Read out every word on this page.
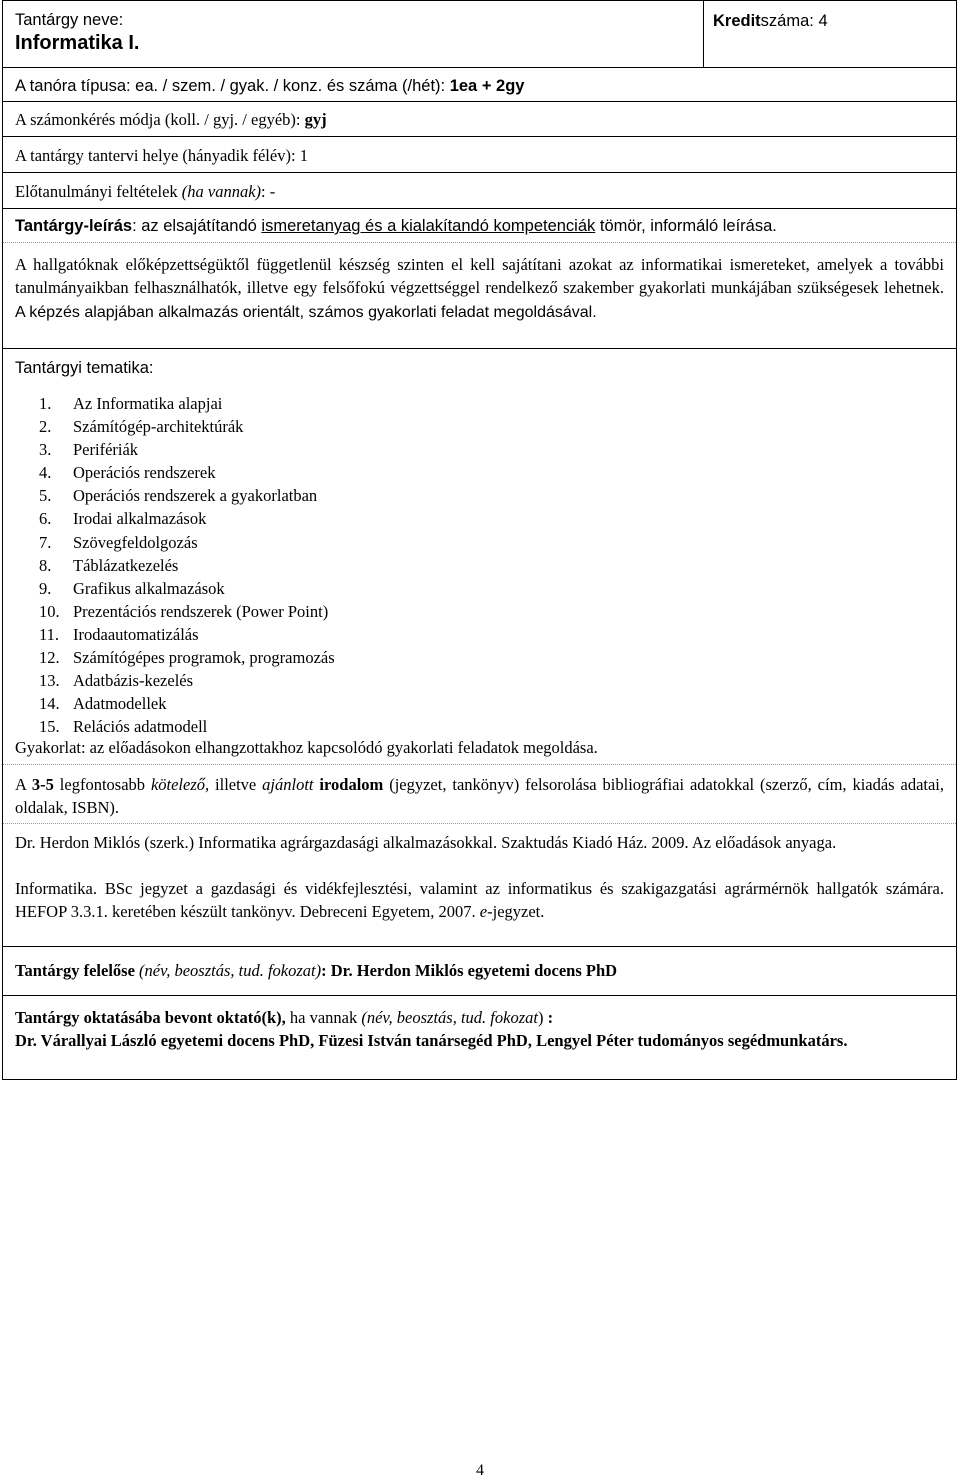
Tantárgy neve:
Informatika I.
Kreditszáma: 4
A tanóra típusa: ea. / szem. / gyak. / konz. és száma (/hét): 1ea + 2gy
A számonkérés módja (koll. / gyj. / egyéb): gyj
A tantárgy tantervi helye (hányadik félév): 1
Előtanulmányi feltételek (ha vannak): -
Tantárgy-leírás: az elsajátítandó ismeretanyag és a kialakítandó kompetenciák tömör, informáló leírása.
A hallgatóknak előképzettségüktől függetlenül készség szinten el kell sajátítani azokat az informatikai ismereteket, amelyek a további tanulmányaikban felhasználhatók, illetve egy felsőfokú végzettséggel rendelkező szakember gyakorlati munkájában szükségesek lehetnek. A képzés alapjában alkalmazás orientált, számos gyakorlati feladat megoldásával.
Tantárgyi tematika:
1.	Az Informatika alapjai
2.	Számítógép-architektúrák
3.	Perifériák
4.	Operációs rendszerek
5.	Operációs rendszerek a gyakorlatban
6.	Irodai alkalmazások
7.	Szövegfeldolgozás
8.	Táblázatkezelés
9.	Grafikus alkalmazások
10. Prezentációs rendszerek (Power Point)
11. Irodaautomatizálás
12. Számítógépes programok, programozás
13. Adatbázis-kezelés
14. Adatmodellek
15. Relációs adatmodell
Gyakorlat: az előadásokon elhangzottakhoz kapcsolódó gyakorlati feladatok megoldása.
A 3-5 legfontosabb kötelező, illetve ajánlott irodalom (jegyzet, tankönyv) felsorolása bibliográfiai adatokkal (szerző, cím, kiadás adatai, oldalak, ISBN).
Dr. Herdon Miklós (szerk.) Informatika agrárgazdasági alkalmazásokkal. Szaktudás Kiadó Ház. 2009. Az előadások anyaga.
Informatika. BSc jegyzet a gazdasági és vidékfejlesztési, valamint az informatikus és szakigazgatási agrármérnök hallgatók számára. HEFOP 3.3.1. keretében készült tankönyv. Debreceni Egyetem, 2007. e-jegyzet.
Tantárgy felelőse (név, beosztás, tud. fokozat): Dr. Herdon Miklós egyetemi docens PhD
Tantárgy oktatásába bevont oktató(k), ha vannak (név, beosztás, tud. fokozat) :
Dr. Várallyai László egyetemi docens PhD, Füzesi István tanársegéd PhD, Lengyel Péter tudományos segédmunkatárs.
4
